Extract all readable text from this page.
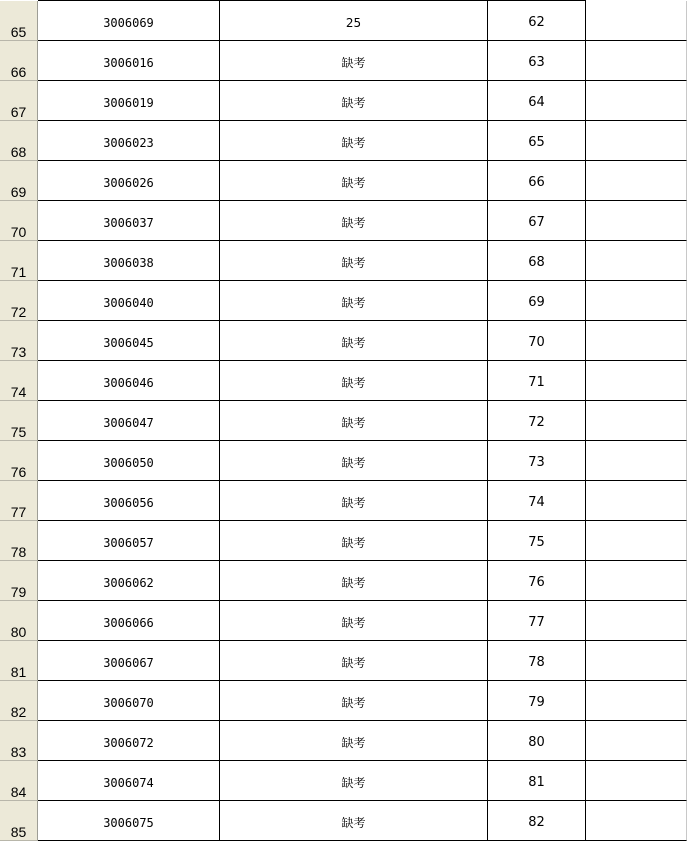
65
3006069	25	62
66
3006016	缺考	63
67
3006019	缺考	64
68
3006023	缺考	65
69
3006026	缺考	66
70
3006037	缺考	67
71
3006038	缺考	68
72
3006040	缺考	69
73
3006045	缺考	70
74
3006046	缺考	71
75
3006047	缺考	72
76
3006050	缺考	73
77
3006056	缺考	74
78
3006057	缺考	75
79
3006062	缺考	76
80
3006066	缺考	77
81
3006067	缺考	78
82
3006070	缺考	79
83
3006072	缺考	80
84
3006074	缺考	81
85
3006075	缺考	82
